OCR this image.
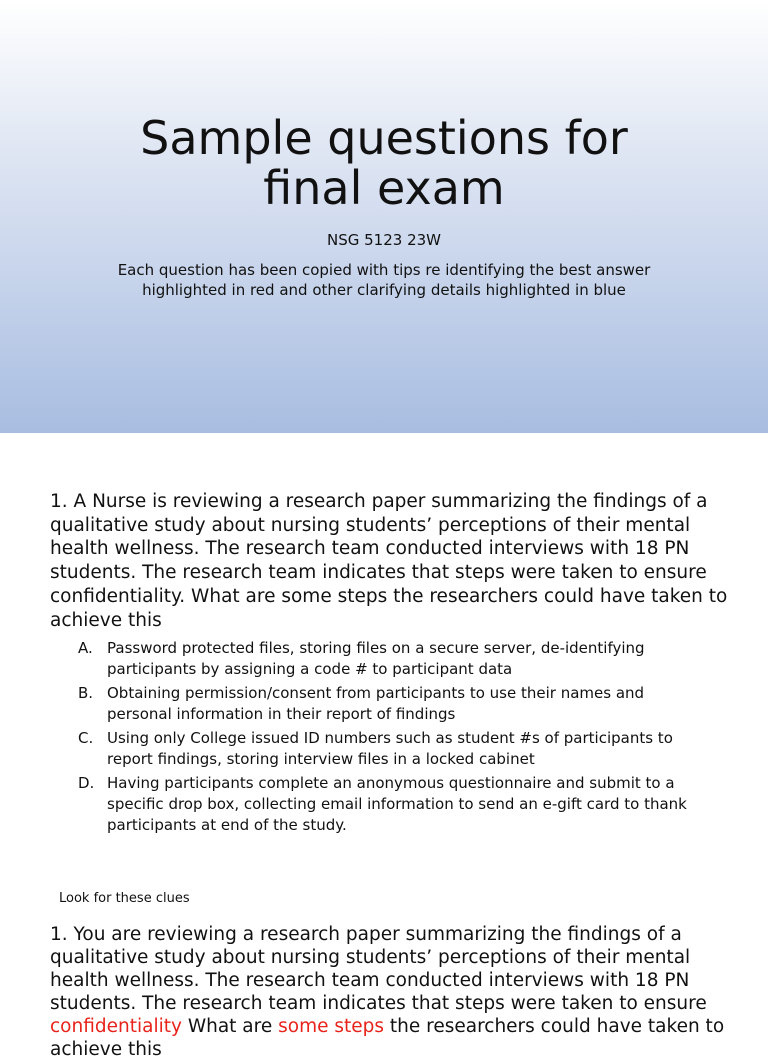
Sample questions for
final exam
NSG 5123 23W
Each question has been copied with tips re identifying the best answer highlighted in red and other clarifying details highlighted in blue
1. A Nurse is reviewing a research paper summarizing the findings of a qualitative study about nursing students’ perceptions of their mental health wellness. The research team conducted interviews with 18 PN students. The research team indicates that steps were taken to ensure confidentiality. What are some steps the researchers could have taken to achieve this
A. Password protected files, storing files on a secure server, de-identifying participants by assigning a code # to participant data
B. Obtaining permission/consent from participants to use their names and personal information in their report of findings
C. Using only College issued ID numbers such as student #s of participants to report findings, storing interview files in a locked cabinet
D. Having participants complete an anonymous questionnaire and submit to a specific drop box, collecting email information to send an e-gift card to thank participants at end of the study.
Look for these clues
1. You are reviewing a research paper summarizing the findings of a qualitative study about nursing students’ perceptions of their mental health wellness. The research team conducted interviews with 18 PN students. The research team indicates that steps were taken to ensure confidentiality What are some steps the researchers could have taken to achieve this
